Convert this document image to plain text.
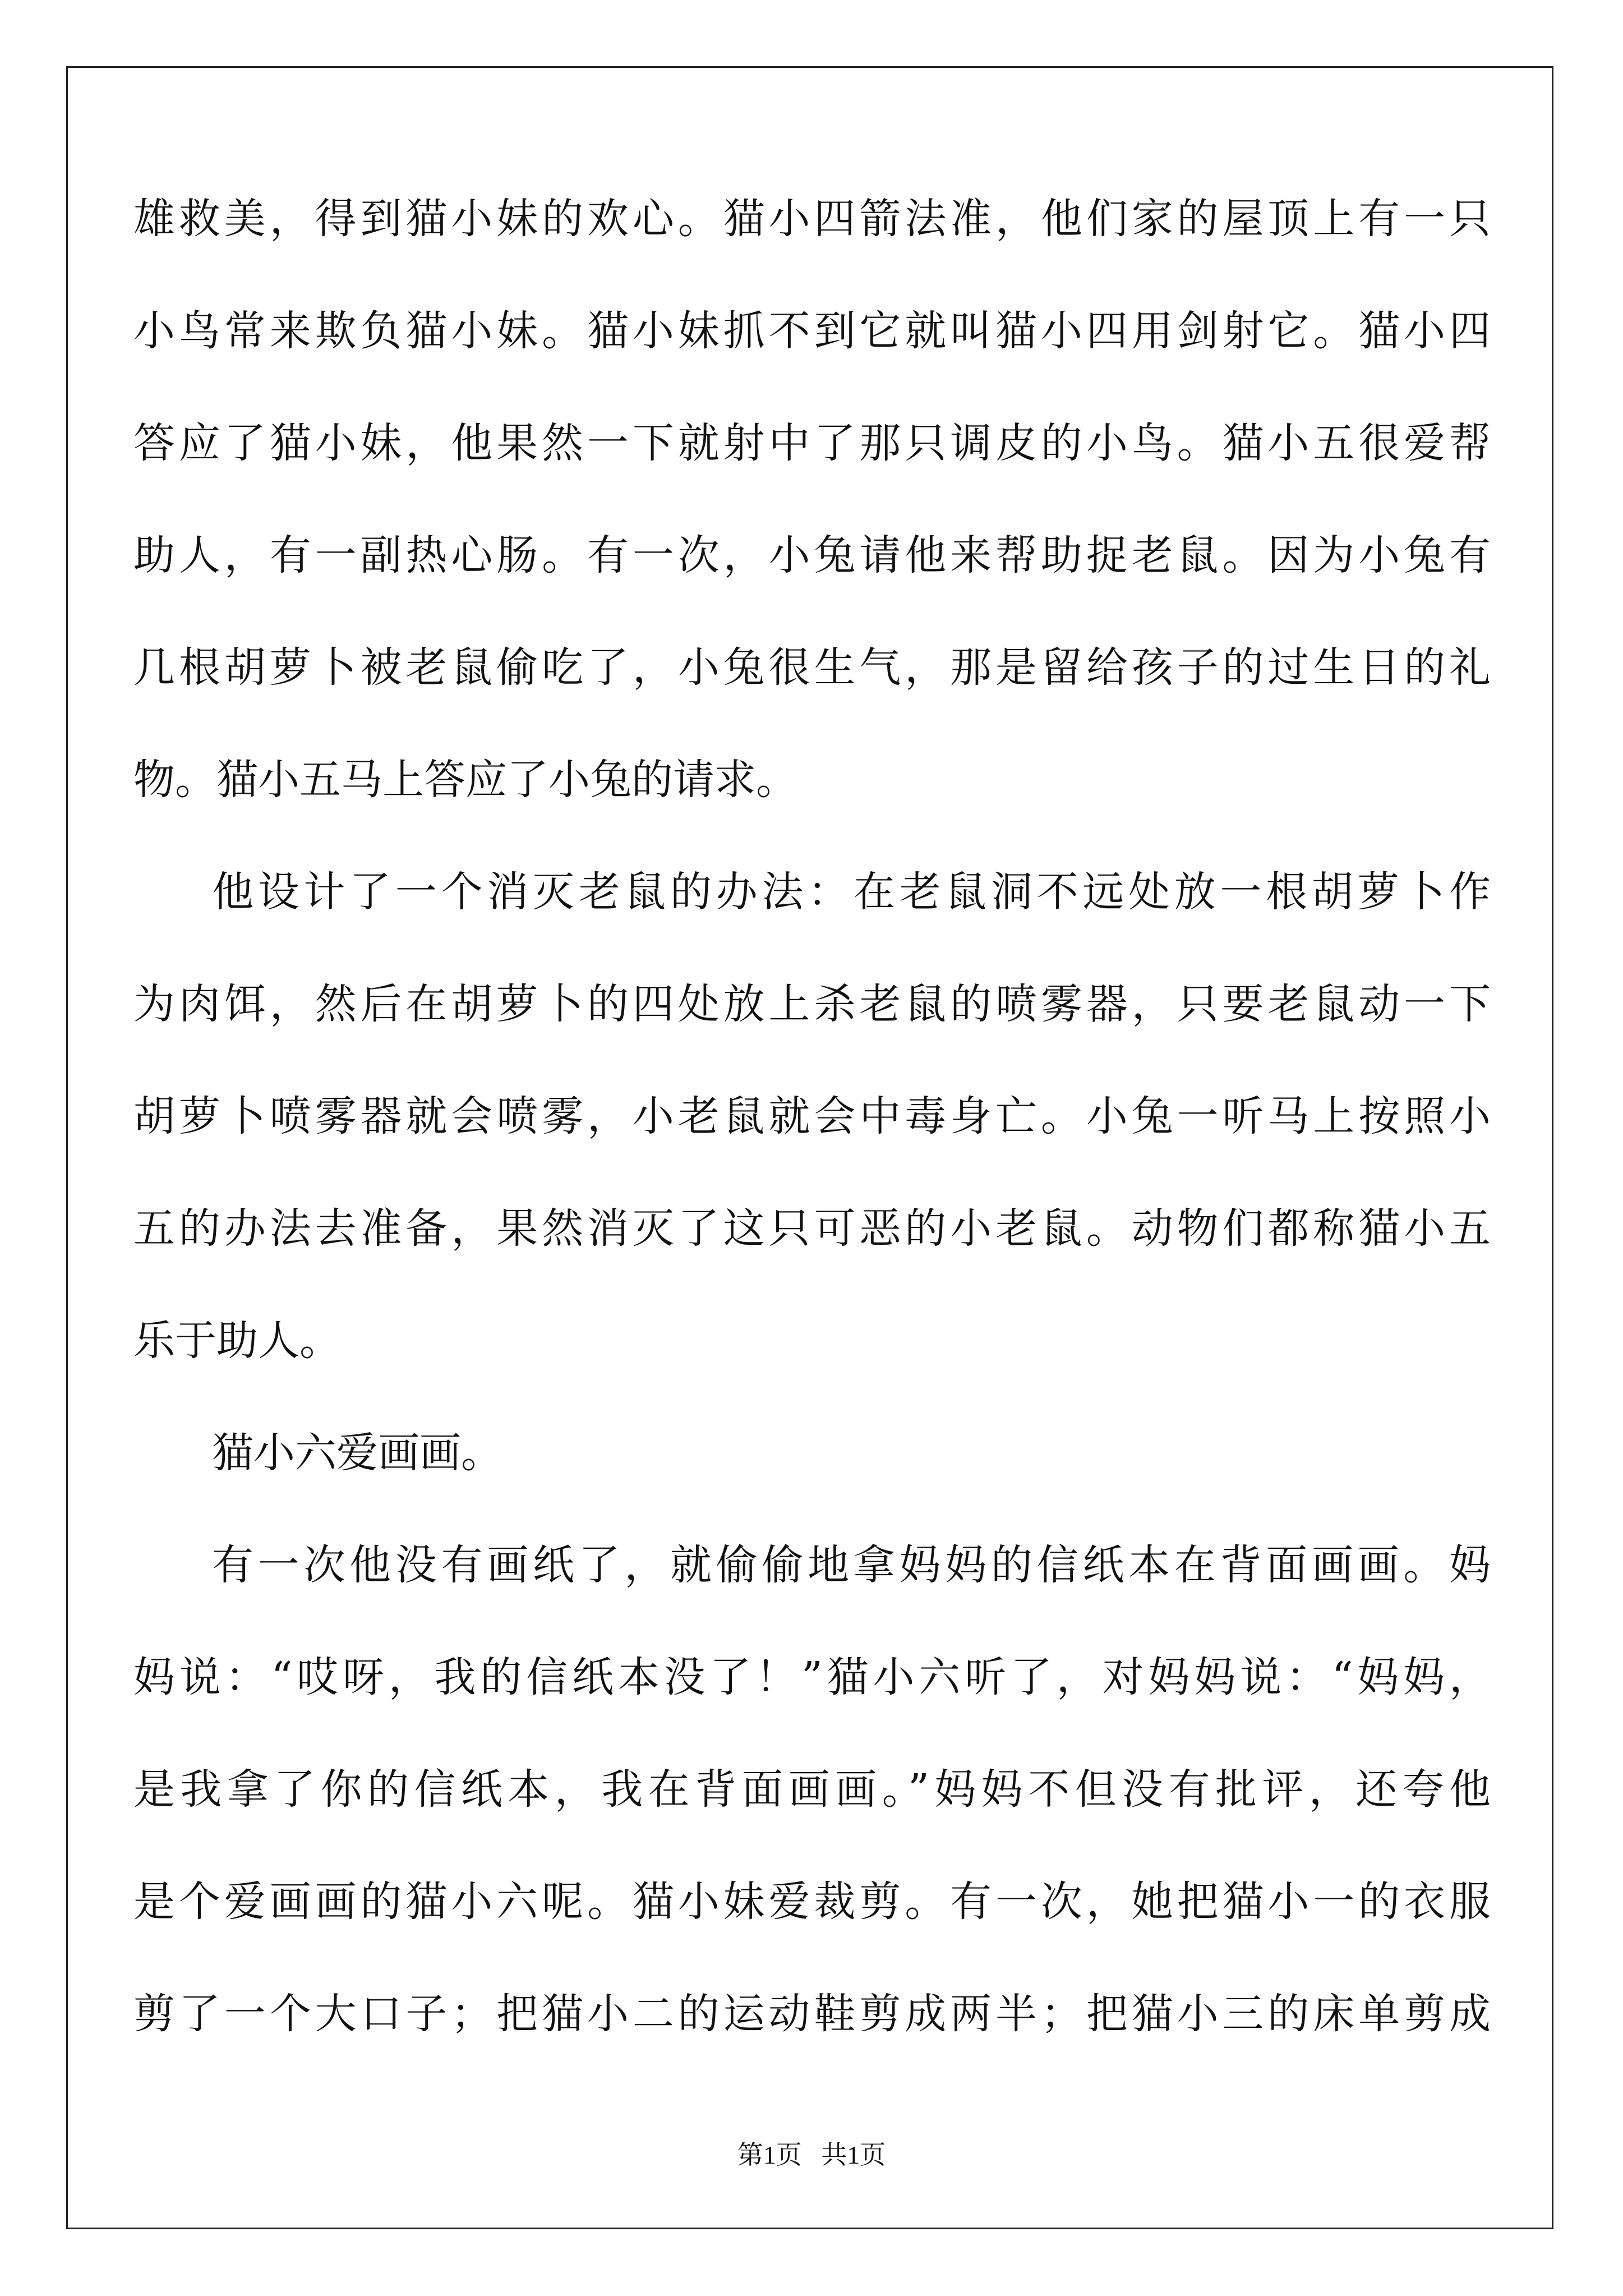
雄救美，得到猫小妹的欢心。猫小四箭法准，他们家的屋顶上有一只
小鸟常来欺负猫小妹。猫小妹抓不到它就叫猫小四用剑射它。猫小四
答应了猫小妹，他果然一下就射中了那只调皮的小鸟。猫小五很爱帮
助人，有一副热心肠。有一次，小兔请他来帮助捉老鼠。因为小兔有
几根胡萝卜被老鼠偷吃了，小兔很生气，那是留给孩子的过生日的礼
物。猫小五马上答应了小兔的请求。
他设计了一个消灭老鼠的办法：在老鼠洞不远处放一根胡萝卜作
为肉饵，然后在胡萝卜的四处放上杀老鼠的喷雾器，只要老鼠动一下
胡萝卜喷雾器就会喷雾，小老鼠就会中毒身亡。小兔一听马上按照小
五的办法去准备，果然消灭了这只可恶的小老鼠。动物们都称猫小五
乐于助人。
猫小六爱画画。
有一次他没有画纸了，就偷偷地拿妈妈的信纸本在背面画画。妈
妈说：“哎呀，我的信纸本没了！”猫小六听了，对妈妈说：“妈妈，
是我拿了你的信纸本，我在背面画画。”妈妈不但没有批评，还夸他
是个爱画画的猫小六呢。猫小妹爱裁剪。有一次，她把猫小一的衣服
剪了一个大口子；把猫小二的运动鞋剪成两半；把猫小三的床单剪成
第1页   共1页
